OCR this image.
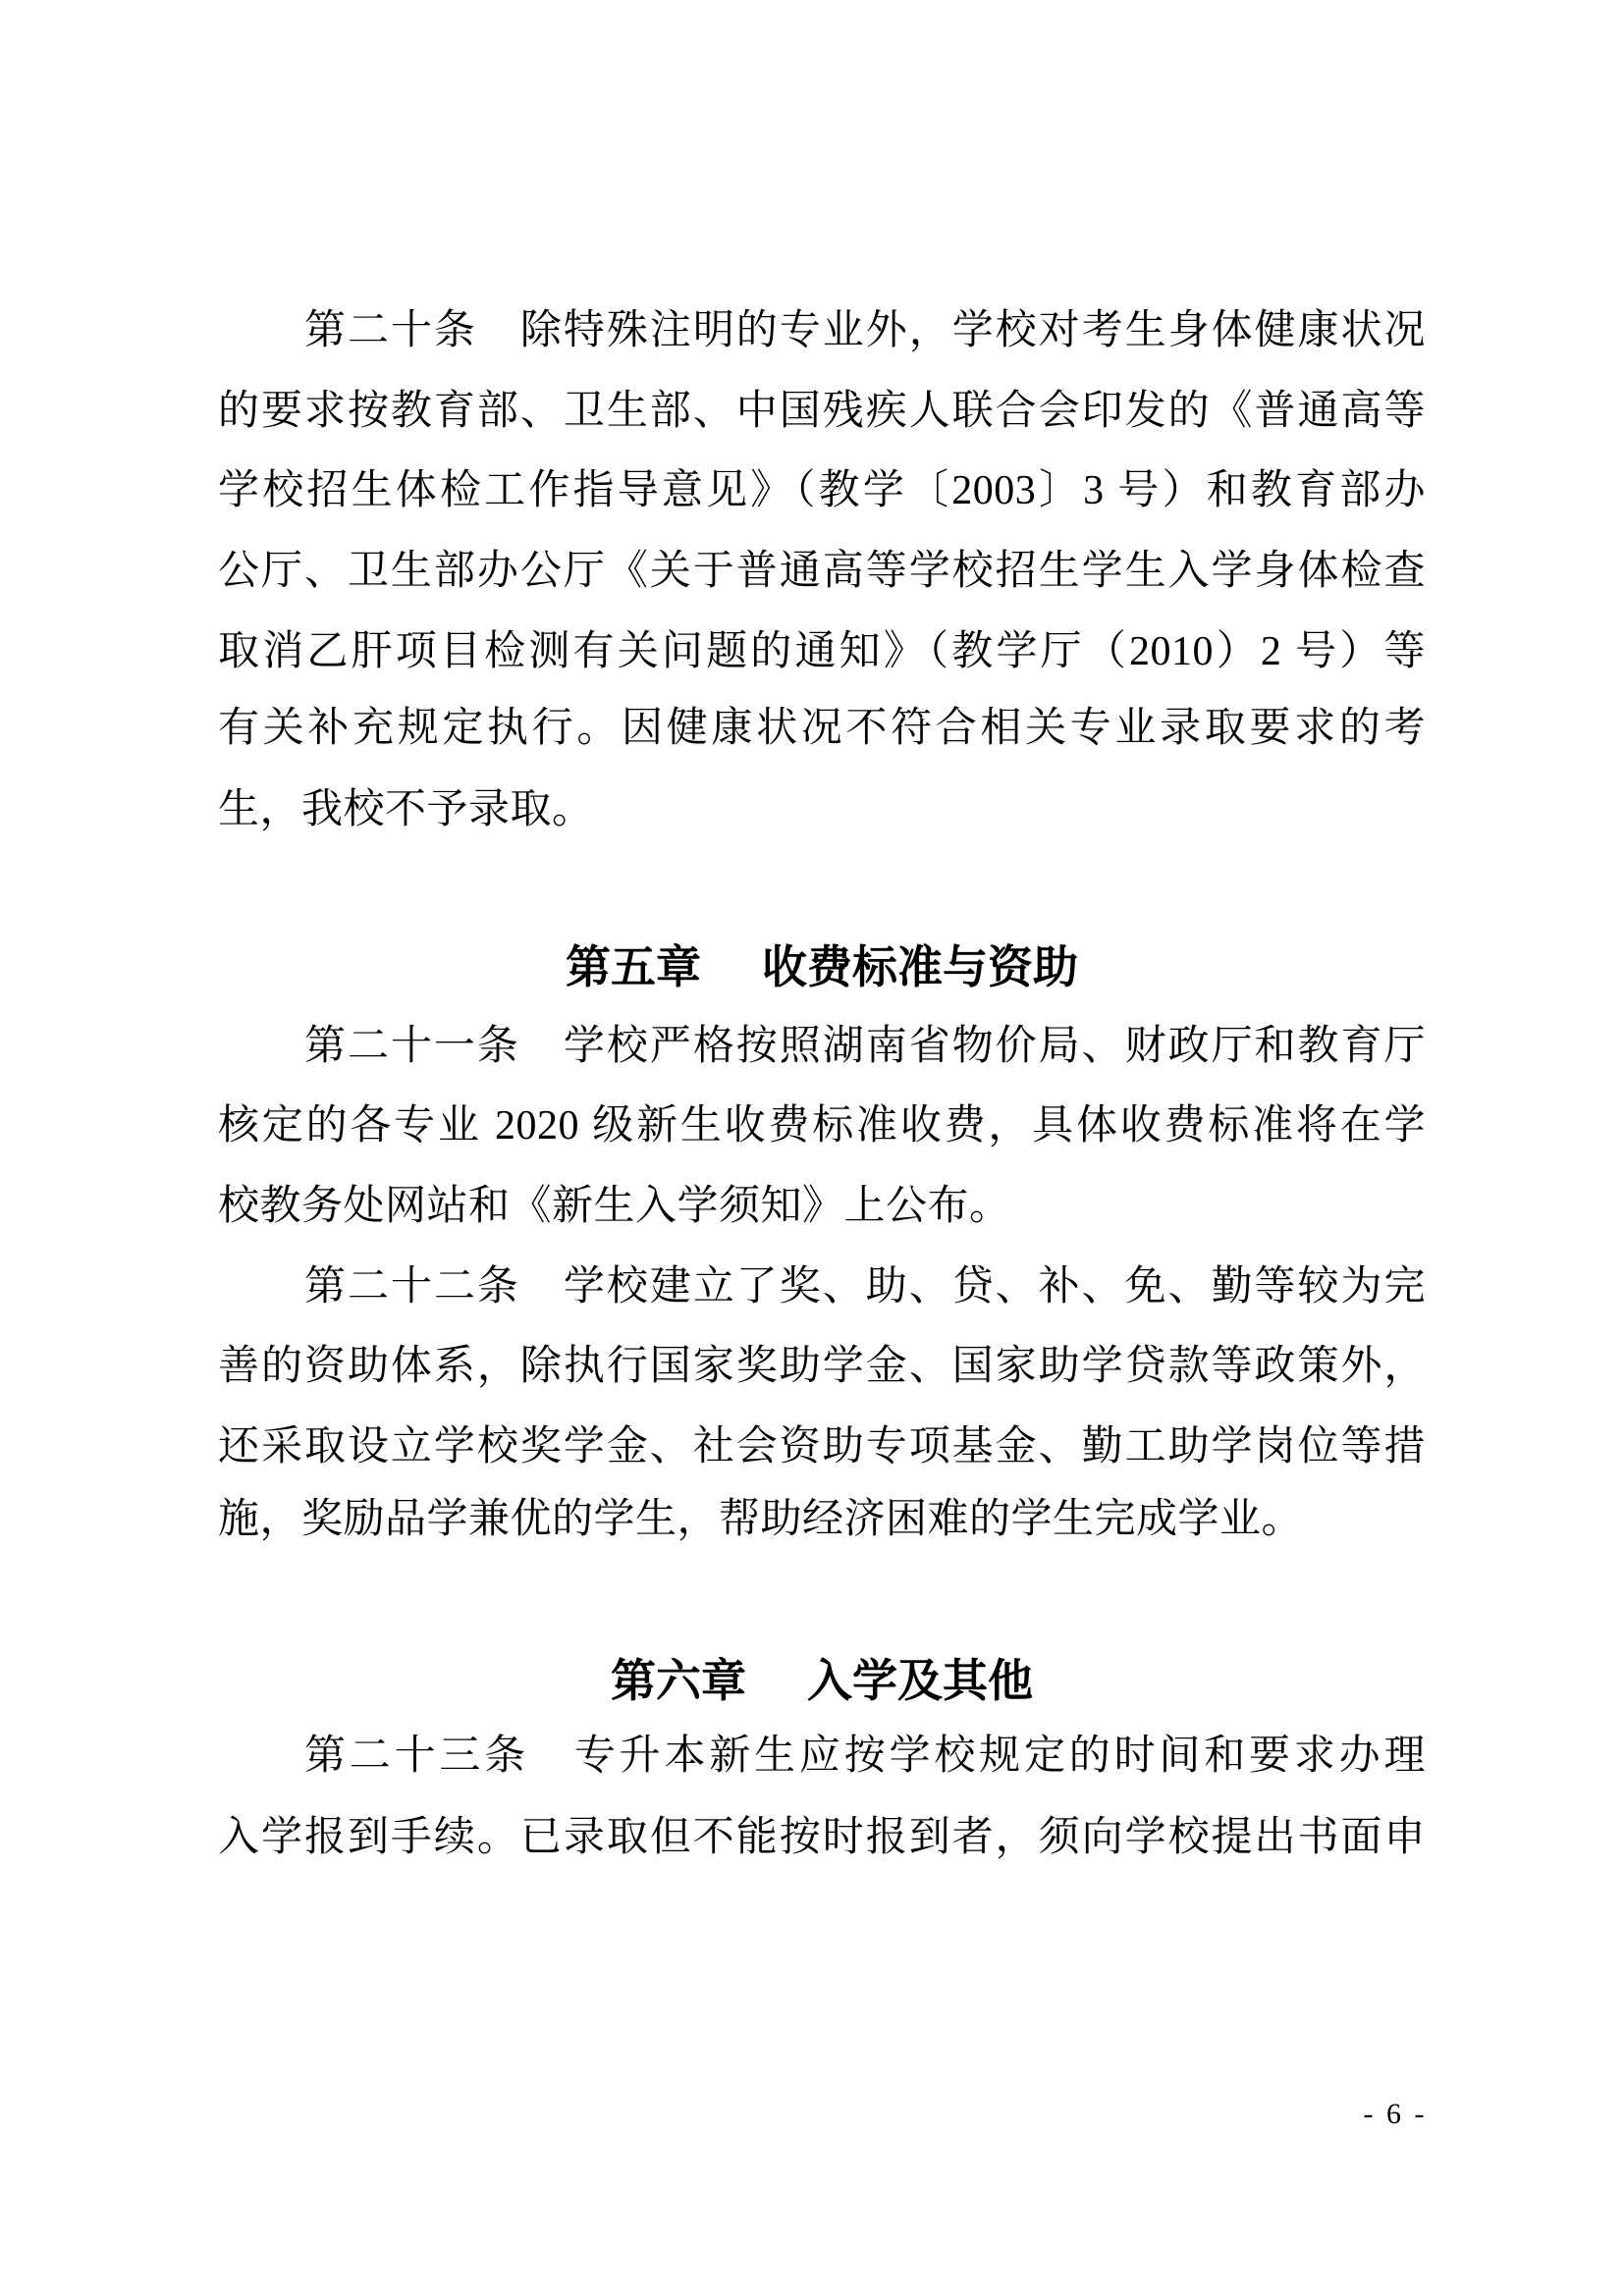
第二十条　除特殊注明的专业外，学校对考生身体健康状况
的要求按教育部、卫生部、中国残疾人联合会印发的《普通高等
学校招生体检工作指导意见》（教学〔2003〕3 号）和教育部办
公厅、卫生部办公厅《关于普通高等学校招生学生入学身体检查
取消乙肝项目检测有关问题的通知》（教学厅（2010）2 号）等
有关补充规定执行。因健康状况不符合相关专业录取要求的考
生，我校不予录取。
第五章 收费标准与资助
第二十一条　学校严格按照湖南省物价局、财政厅和教育厅
核定的各专业 2020 级新生收费标准收费，具体收费标准将在学
校教务处网站和《新生入学须知》上公布。
第二十二条　学校建立了奖、助、贷、补、免、勤等较为完
善的资助体系，除执行国家奖助学金、国家助学贷款等政策外，
还采取设立学校奖学金、社会资助专项基金、勤工助学岗位等措
施，奖励品学兼优的学生，帮助经济困难的学生完成学业。
第六章 入学及其他
第二十三条　专升本新生应按学校规定的时间和要求办理
入学报到手续。已录取但不能按时报到者，须向学校提出书面申
- 6 -
